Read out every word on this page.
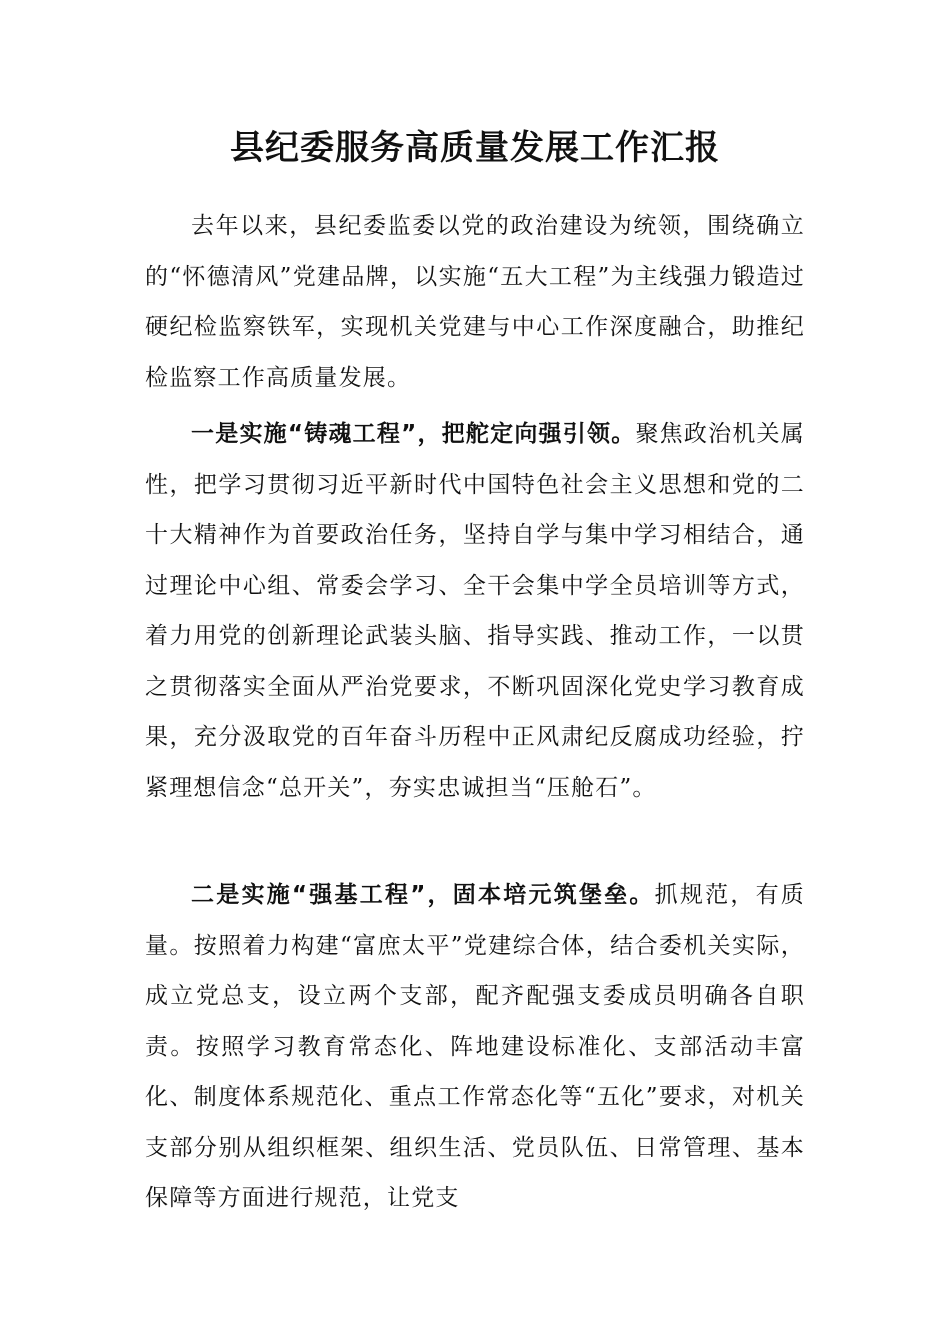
县纪委服务高质量发展工作汇报

去年以来，县纪委监委以党的政治建设为统领，围绕确立的“怀德清风”党建品牌，以实施“五大工程”为主线强力锻造过硬纪检监察铁军，实现机关党建与中心工作深度融合，助推纪检监察工作高质量发展。

一是实施“铸魂工程”，把舵定向强引领。聚焦政治机关属性，把学习贯彻习近平新时代中国特色社会主义思想和党的二十大精神作为首要政治任务，坚持自学与集中学习相结合，通过理论中心组、常委会学习、全干会集中学全员培训等方式，着力用党的创新理论武装头脑、指导实践、推动工作，一以贯之贯彻落实全面从严治党要求，不断巩固深化党史学习教育成果，充分汲取党的百年奋斗历程中正风肃纪反腐成功经验，拧紧理想信念“总开关”，夯实忠诚担当“压舱石”。

二是实施“强基工程”，固本培元筑堡垒。抓规范，有质量。按照着力构建“富庶太平”党建综合体，结合委机关实际，成立党总支，设立两个支部，配齐配强支委成员明确各自职责。按照学习教育常态化、阵地建设标准化、支部活动丰富化、制度体系规范化、重点工作常态化等“五化”要求，对机关支部分别从组织框架、组织生活、党员队伍、日常管理、基本保障等方面进行规范，让党支
